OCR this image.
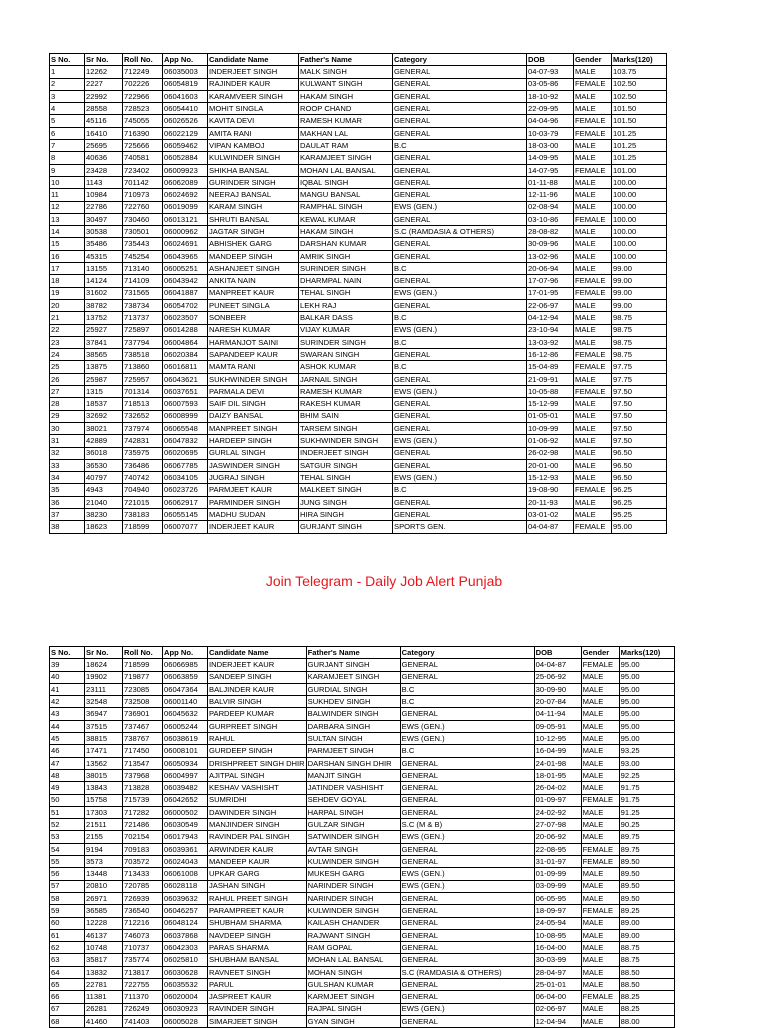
S No.	Sr No.	Roll No.	App No.	Candidate Name	Father's Name	Category	DOB	Gender	Marks(120)
1	12262	712249	06035003	INDERJEET SINGH	MALK SINGH	GENERAL	04-07-93	MALE	103.75
2	2227	702226	06054819	RAJINDER KAUR	KULWANT SINGH	GENERAL	03-05-86	FEMALE	102.50
3	22992	722966	06041603	KARAMVEER SINGH	HAKAM SINGH	GENERAL	18-10-92	MALE	102.50
4	28558	728523	06054410	MOHIT SINGLA	ROOP CHAND	GENERAL	22-09-95	MALE	101.50
5	45116	745055	06026526	KAVITA DEVI	RAMESH KUMAR	GENERAL	04-04-96	FEMALE	101.50
6	16410	716390	06022129	AMITA RANI	MAKHAN LAL	GENERAL	10-03-79	FEMALE	101.25
7	25695	725666	06059462	VIPAN KAMBOJ	DAULAT RAM	B.C	18-03-00	MALE	101.25
8	40636	740581	06052884	KULWINDER SINGH	KARAMJEET SINGH	GENERAL	14-09-95	MALE	101.25
9	23428	723402	06009923	SHIKHA BANSAL	MOHAN LAL BANSAL	GENERAL	14-07-95	FEMALE	101.00
10	1143	701142	06062089	GURINDER SINGH	IQBAL SINGH	GENERAL	01-11-88	MALE	100.00
11	10984	710973	06024692	NEERAJ BANSAL	MANGU BANSAL	GENERAL	12-11-96	MALE	100.00
12	22786	722760	06019099	KARAM SINGH	RAMPHAL SINGH	EWS (GEN.)	02-08-94	MALE	100.00
13	30497	730460	06013121	SHRUTI BANSAL	KEWAL KUMAR	GENERAL	03-10-86	FEMALE	100.00
14	30538	730501	06000962	JAGTAR SINGH	HAKAM SINGH	S.C (RAMDASIA & OTHERS)	28-08-82	MALE	100.00
15	35486	735443	06024691	ABHISHEK GARG	DARSHAN KUMAR	GENERAL	30-09-96	MALE	100.00
16	45315	745254	06043965	MANDEEP SINGH	AMRIK SINGH	GENERAL	13-02-96	MALE	100.00
17	13155	713140	06005251	ASHANJEET SINGH	SURINDER SINGH	B.C	20-06-94	MALE	99.00
18	14124	714109	06043942	ANKITA NAIN	DHARMPAL NAIN	GENERAL	17-07-96	FEMALE	99.00
19	31602	731565	06041887	MANPREET KAUR	TEHAL SINGH	EWS (GEN.)	17-01-95	FEMALE	99.00
20	38782	738734	06054702	PUNEET SINGLA	LEKH RAJ	GENERAL	22-06-97	MALE	99.00
21	13752	713737	06023507	SONBEER	BALKAR DASS	B.C	04-12-94	MALE	98.75
22	25927	725897	06014288	NARESH KUMAR	VIJAY KUMAR	EWS (GEN.)	23-10-94	MALE	98.75
23	37841	737794	06004864	HARMANJOT SAINI	SURINDER SINGH	B.C	13-03-92	MALE	98.75
24	38565	738518	06020384	SAPANDEEP KAUR	SWARAN SINGH	GENERAL	16-12-86	FEMALE	98.75
25	13875	713860	06016811	MAMTA RANI	ASHOK KUMAR	B.C	15-04-89	FEMALE	97.75
26	25987	725957	06043621	SUKHWINDER SINGH	JARNAIL SINGH	GENERAL	21-09-91	MALE	97.75
27	1315	701314	06037651	PARMALA DEVI	RAMESH KUMAR	EWS (GEN.)	10-05-88	FEMALE	97.50
28	18537	718513	06007593	SAIF DIL SINGH	RAKESH KUMAR	GENERAL	15-12-99	MALE	97.50
29	32692	732652	06008999	DAIZY BANSAL	BHIM SAIN	GENERAL	01-05-01	MALE	97.50
30	38021	737974	06065548	MANPREET SINGH	TARSEM SINGH	GENERAL	10-09-99	MALE	97.50
31	42889	742831	06047832	HARDEEP SINGH	SUKHWINDER SINGH	EWS (GEN.)	01-06-92	MALE	97.50
32	36018	735975	06020695	GURLAL SINGH	INDERJEET SINGH	GENERAL	26-02-98	MALE	96.50
33	36530	736486	06067785	JASWINDER SINGH	SATGUR SINGH	GENERAL	20-01-00	MALE	96.50
34	40797	740742	06034105	JUGRAJ SINGH	TEHAL SINGH	EWS (GEN.)	15-12-93	MALE	96.50
35	4943	704940	06023726	PARMJEET KAUR	MALKEET SINGH	B.C	19-08-90	FEMALE	96.25
36	21040	721015	06062917	PARMINDER SINGH	JUNG SINGH	GENERAL	20-11-93	MALE	96.25
37	38230	738183	06055145	MADHU SUDAN	HIRA SINGH	GENERAL	03-01-02	MALE	95.25
38	18623	718599	06007077	INDERJEET KAUR	GURJANT SINGH	SPORTS GEN.	04-04-87	FEMALE	95.00
Join Telegram - Daily Job Alert Punjab
S No.	Sr No.	Roll No.	App No.	Candidate Name	Father's Name	Category	DOB	Gender	Marks(120)
39	18624	718599	06066985	INDERJEET KAUR	GURJANT SINGH	GENERAL	04-04-87	FEMALE	95.00
40	19902	719877	06063859	SANDEEP SINGH	KARAMJEET SINGH	GENERAL	25-06-92	MALE	95.00
41	23111	723085	06047364	BALJINDER KAUR	GURDIAL SINGH	B.C	30-09-90	MALE	95.00
42	32548	732508	06001140	BALVIR SINGH	SUKHDEV SINGH	B.C	20-07-84	MALE	95.00
43	36947	736901	06045632	PARDEEP KUMAR	BALWINDER SINGH	GENERAL	04-11-94	MALE	95.00
44	37515	737467	06005244	GURPREET SINGH	DARBARA SINGH	EWS (GEN.)	09-05-91	MALE	95.00
45	38815	738767	06038619	RAHUL	SULTAN SINGH	EWS (GEN.)	10-12-95	MALE	95.00
46	17471	717450	06008101	GURDEEP SINGH	PARMJEET SINGH	B.C	16-04-99	MALE	93.25
47	13562	713547	06050934	DRISHPREET SINGH DHIR	DARSHAN SINGH DHIR	GENERAL	24-01-98	MALE	93.00
48	38015	737968	06004997	AJITPAL SINGH	MANJIT SINGH	GENERAL	18-01-95	MALE	92.25
49	13843	713828	06039482	KESHAV VASHISHT	JATINDER VASHISHT	GENERAL	26-04-02	MALE	91.75
50	15758	715739	06042652	SUMRIDHI	SEHDEV GOYAL	GENERAL	01-09-97	FEMALE	91.75
51	17303	717282	06000502	DAWINDER SINGH	HARPAL SINGH	GENERAL	24-02-92	MALE	91.25
52	21511	721486	06030549	MANJINDER SINGH	GULZAR SINGH	S.C (M & B)	27-07-98	MALE	90.25
53	2155	702154	06017943	RAVINDER PAL SINGH	SATWINDER SINGH	EWS (GEN.)	20-06-92	MALE	89.75
54	9194	709183	06039361	ARWINDER KAUR	AVTAR SINGH	GENERAL	22-08-95	FEMALE	89.75
55	3573	703572	06024043	MANDEEP KAUR	KULWINDER SINGH	GENERAL	31-01-97	FEMALE	89.50
56	13448	713433	06061008	UPKAR GARG	MUKESH GARG	EWS (GEN.)	01-09-99	MALE	89.50
57	20810	720785	06028118	JASHAN SINGH	NARINDER SINGH	EWS (GEN.)	03-09-99	MALE	89.50
58	26971	726939	06039632	RAHUL PREET SINGH	NARINDER SINGH	GENERAL	06-05-95	MALE	89.50
59	36585	736540	06046257	PARAMPREET KAUR	KULWINDER SINGH	GENERAL	18-09-97	FEMALE	89.25
60	12228	712216	06048124	SHUBHAM SHARMA	KAILASH CHANDER	GENERAL	24-05-94	MALE	89.00
61	46137	746073	06037868	NAVDEEP SINGH	RAJWANT SINGH	GENERAL	10-08-95	MALE	89.00
62	10748	710737	06042303	PARAS SHARMA	RAM GOPAL	GENERAL	16-04-00	MALE	88.75
63	35817	735774	06025810	SHUBHAM BANSAL	MOHAN LAL BANSAL	GENERAL	30-03-99	MALE	88.75
64	13832	713817	06030628	RAVNEET SINGH	MOHAN SINGH	S.C (RAMDASIA & OTHERS)	28-04-97	MALE	88.50
65	22781	722755	06035532	PARUL	GULSHAN KUMAR	GENERAL	25-01-01	MALE	88.50
66	11381	711370	06020004	JASPREET KAUR	KARMJEET SINGH	GENERAL	06-04-00	FEMALE	88.25
67	26281	726249	06030923	RAVINDER SINGH	RAJPAL SINGH	EWS (GEN.)	02-06-97	MALE	88.25
68	41460	741403	06005028	SIMARJEET SINGH	GYAN SINGH	GENERAL	12-04-94	MALE	88.00
